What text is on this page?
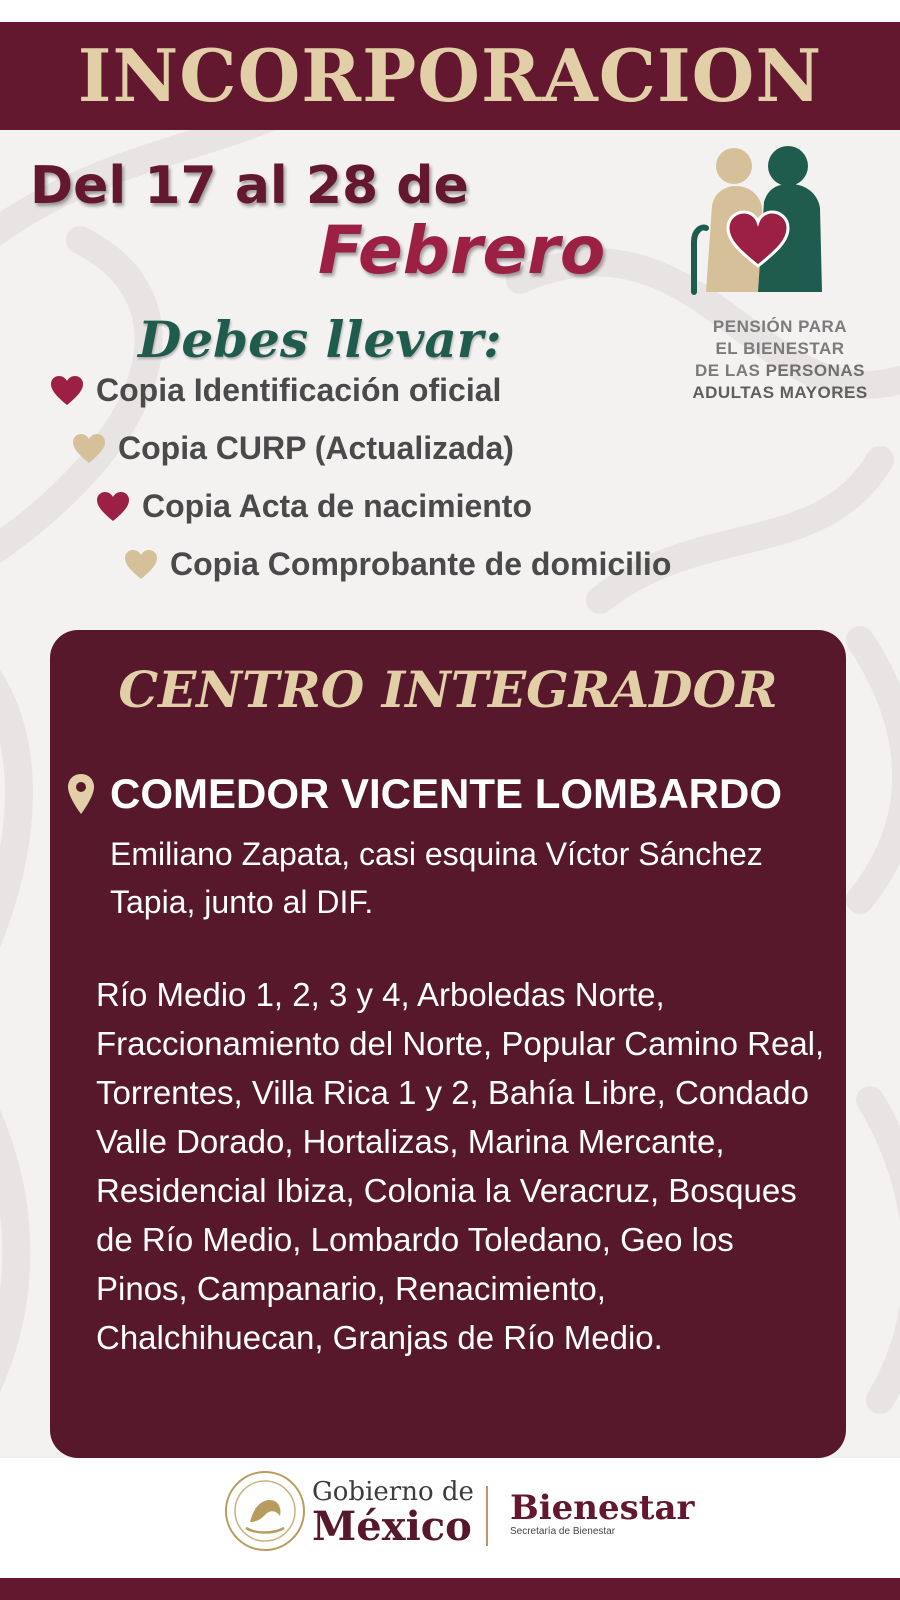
INCORPORACION
Del 17 al 28 de
Febrero
Debes llevar:
Copia Identificación oficial
Copia CURP (Actualizada)
Copia Acta de nacimiento
Copia Comprobante de domicilio
PENSIÓN PARA
EL BIENESTAR
DE LAS PERSONAS
ADULTAS MAYORES
CENTRO INTEGRADOR
COMEDOR VICENTE LOMBARDO
Emiliano Zapata, casi esquina Víctor Sánchez Tapia, junto al DIF.
Río Medio 1, 2, 3 y 4, Arboledas Norte, Fraccionamiento del Norte, Popular Camino Real, Torrentes, Villa Rica 1 y 2, Bahía Libre, Condado Valle Dorado, Hortalizas, Marina Mercante, Residencial Ibiza, Colonia la Veracruz, Bosques de Río Medio, Lombardo Toledano, Geo los Pinos, Campanario, Renacimiento, Chalchihuecan, Granjas de Río Medio.
Gobierno de
México Bienestar
Secretaría de Bienestar
